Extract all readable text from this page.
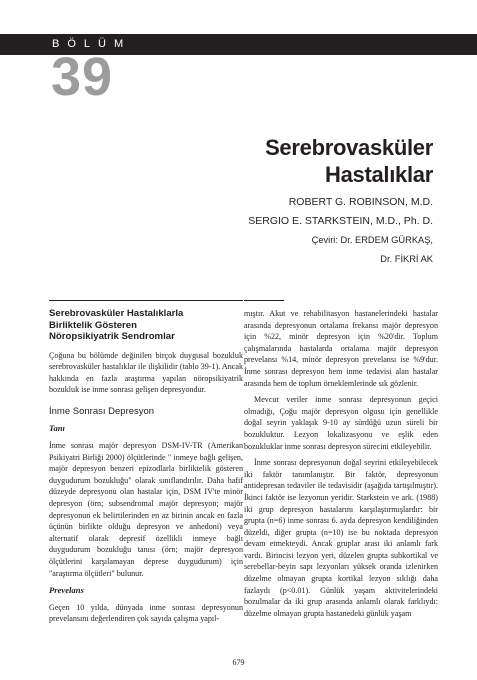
BÖLÜM
39
Serebrovasküler
Hastalıklar
ROBERT G. ROBINSON, M.D.
SERGIO E. STARKSTEIN, M.D., Ph. D.
Çeviri: Dr. ERDEM GÜRKAŞ,
Dr. FİKRİ AK
Serebrovasküler Hastalıklarla
Birliktelik Gösteren
Nöropsikiyatrik Sendromlar

Çoğuna bu bölümde değinilen birçok duygusal bozukluk serebrovasküler hastalıklar ile ilişkilidir (tablo 39-1). Ancak hakkında en fazla araştırma yapılan nöropsikiyatrik bozukluk ise inme sonrası gelişen depresyondur.

İnme Sonrası Depresyon
Tanı

İnme sonrası majör depresyon DSM-IV-TR (Amerikan Psikiyatri Birliği 2000) ölçütlerinde " inmeye bağlı gelişen, majör depresyon benzeri epizodlarla birliktelik gösteren duygudurum bozukluğu" olarak sınıflandırılır. Daha hafif düzeyde depresyonu olan hastalar için, DSM IV'te minör depresyon (örn; subsendromal majör depresyon; majör depresyonun ek belirtilerinden en az birinin ancak en fazla üçünün birlikte olduğu depresyon ve anhedoni) veya alternatif olarak depresif özellikli inmeye bağlı duygudurum bozukluğu tanısı (örn; majör depresyon ölçütlerini karşılamayan deprese duygudurum) için "araştırma ölçütleri" bulunur.

Prevelans

Geçen 10 yılda, dünyada inme sonrası depresyonun prevelansını değerlendiren çok sayıda çalışma yapıl-

mıştır. Akut ve rehabilitasyon hastanelerindeki hastalar arasında depresyonun ortalama frekansı majör depresyon için %22, minör depresyon için %20'dir. Toplum çalışmalarında hastalarda ortalama majör depresyon prevelansı %14, minör depresyon prevelansı ise %9'dur. İnme sonrası depresyon hem inme tedavisi alan hastalar arasında hem de toplum örneklemlerinde sık gözlenir.

Mevcut veriler inme sonrası depresyonun geçici olmadığı, Çoğu majör depresyon olgusu için genellikle doğal seyrin yaklaşık 9-10 ay sürdüğü uzun süreli bir bozukluktur. Lezyon lokalizasyonu ve eşlik eden bozukluklar inme sonrası depresyon sürecini etkileyebilir.

İnme sonrası depresyonun doğal seyrini etkileyebilecek iki faktör tanımlanıştır. Bir faktör, depresyonun antidepresan tedaviler ile tedavisidir (aşağıda tartışılmıştır). İkinci faktör ise lezyonun yeridir. Starkstein ve ark. (1988) iki grup depresyon hastalarını karşılaştırmışlardır: bir grupta (n=6) inme sonrası 6. ayda depresyon kendiliğinden düzeldi, diğer grupta (n=10) ise bu noktada depresyon devam etmekteydi. Ancak gruplar arası iki anlamlı fark vardı. Birincisi lezyon yeri, düzelen grupta subkortikal ve serebellar-beyin sapı lezyonları yüksek oranda izlenirken düzelme olmayan grupta kortikal lezyon sıklığı daha fazlaydı (p<0.01). Günlük yaşam aktivitelerindeki bozulmalar da iki grup arasında anlamlı olarak farklıydı: düzelme olmayan grupta hastanedeki günlük yaşam

679
